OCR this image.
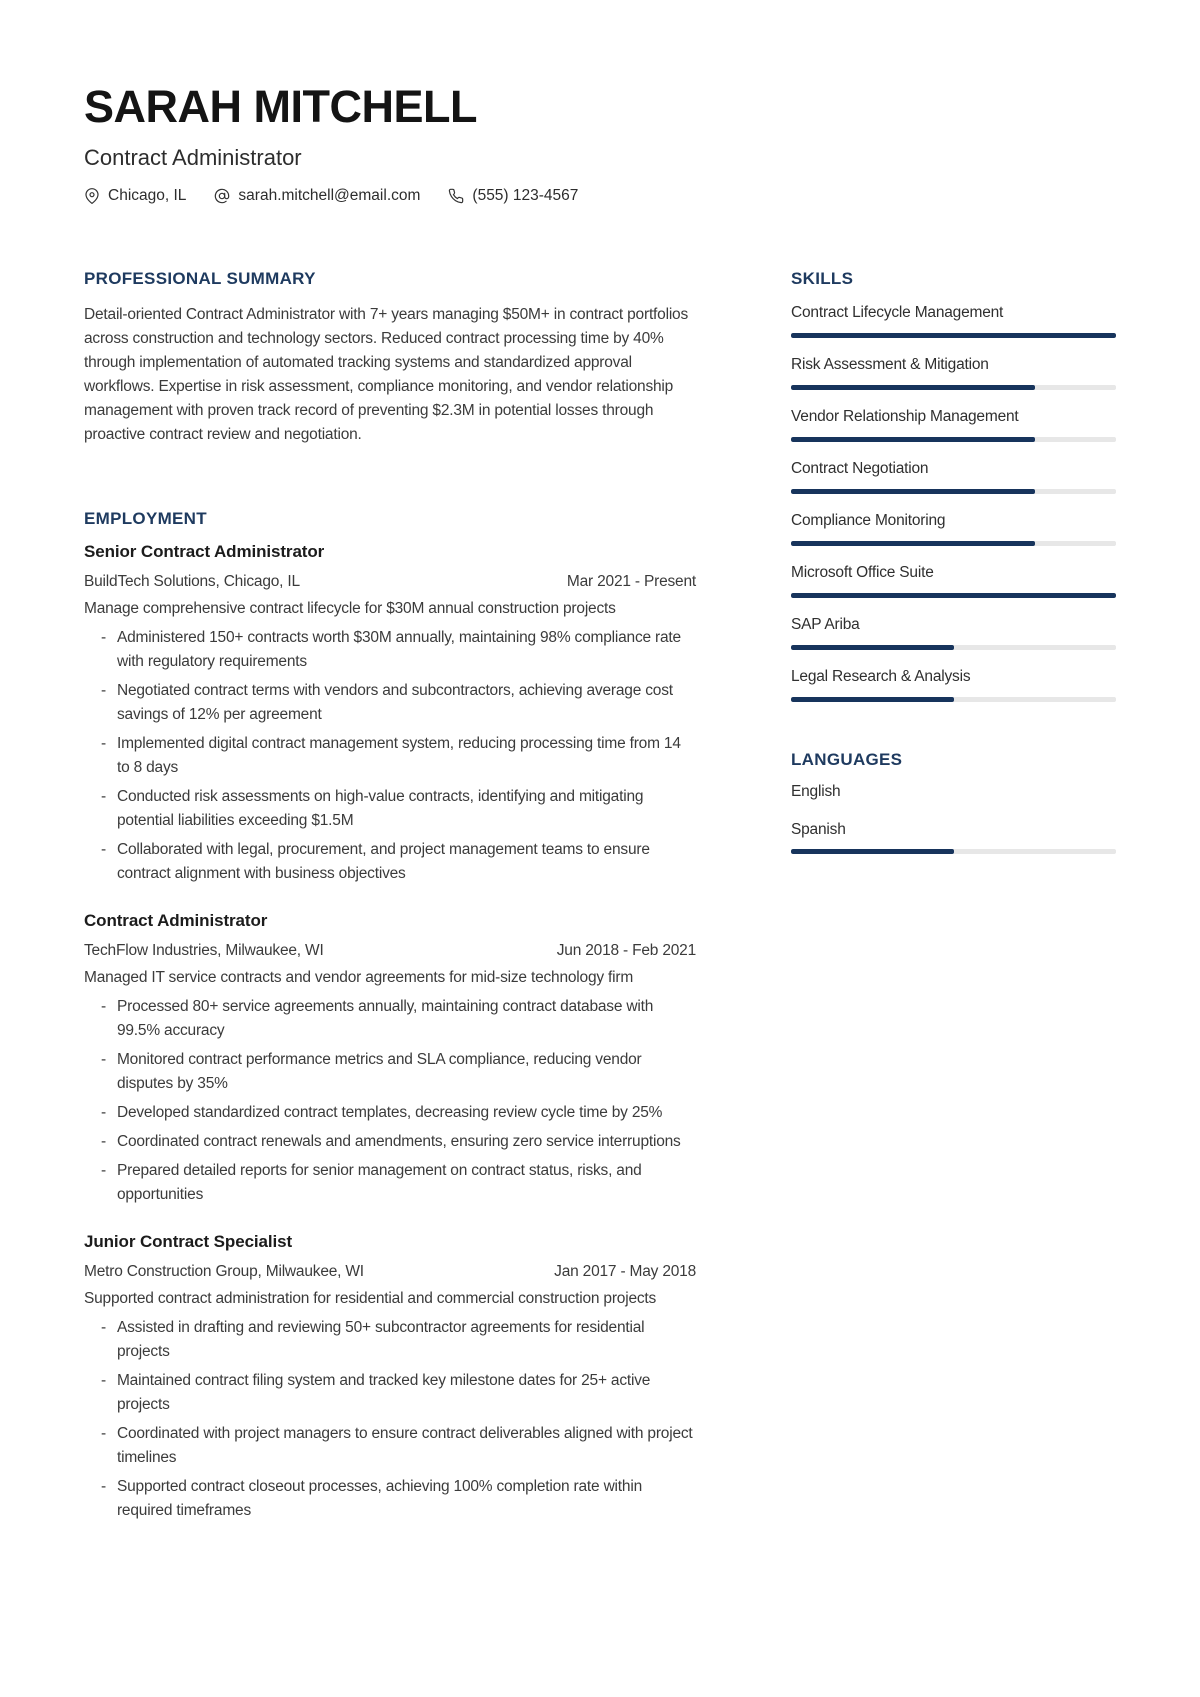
SARAH MITCHELL
Contract Administrator
Chicago, IL	sarah.mitchell@email.com	(555) 123-4567
PROFESSIONAL SUMMARY

Detail-oriented Contract Administrator with 7+ years managing $50M+ in contract portfolios across construction and technology sectors. Reduced contract processing time by 40% through implementation of automated tracking systems and standardized approval workflows. Expertise in risk assessment, compliance monitoring, and vendor relationship management with proven track record of preventing $2.3M in potential losses through proactive contract review and negotiation.

EMPLOYMENT
Senior Contract Administrator
BuildTech Solutions, Chicago, IL	Mar 2021 - Present

Manage comprehensive contract lifecycle for $30M annual construction projects

- Administered 150+ contracts worth $30M annually, maintaining 98% compliance rate with regulatory requirements
- Negotiated contract terms with vendors and subcontractors, achieving average cost savings of 12% per agreement
- Implemented digital contract management system, reducing processing time from 14 to 8 days
- Conducted risk assessments on high-value contracts, identifying and mitigating potential liabilities exceeding $1.5M
- Collaborated with legal, procurement, and project management teams to ensure contract alignment with business objectives
Contract Administrator
TechFlow Industries, Milwaukee, WI	Jun 2018 - Feb 2021

Managed IT service contracts and vendor agreements for mid-size technology firm

- Processed 80+ service agreements annually, maintaining contract database with 99.5% accuracy
- Monitored contract performance metrics and SLA compliance, reducing vendor disputes by 35%
- Developed standardized contract templates, decreasing review cycle time by 25%
- Coordinated contract renewals and amendments, ensuring zero service interruptions
- Prepared detailed reports for senior management on contract status, risks, and opportunities
Junior Contract Specialist
Metro Construction Group, Milwaukee, WI	Jan 2017 - May 2018

Supported contract administration for residential and commercial construction projects

- Assisted in drafting and reviewing 50+ subcontractor agreements for residential projects
- Maintained contract filing system and tracked key milestone dates for 25+ active projects
- Coordinated with project managers to ensure contract deliverables aligned with project timelines
- Supported contract closeout processes, achieving 100% completion rate within required timeframes
SKILLS
Contract Lifecycle Management
Risk Assessment & Mitigation
Vendor Relationship Management
Contract Negotiation
Compliance Monitoring
Microsoft Office Suite
SAP Ariba
Legal Research & Analysis
LANGUAGES
English
Spanish
